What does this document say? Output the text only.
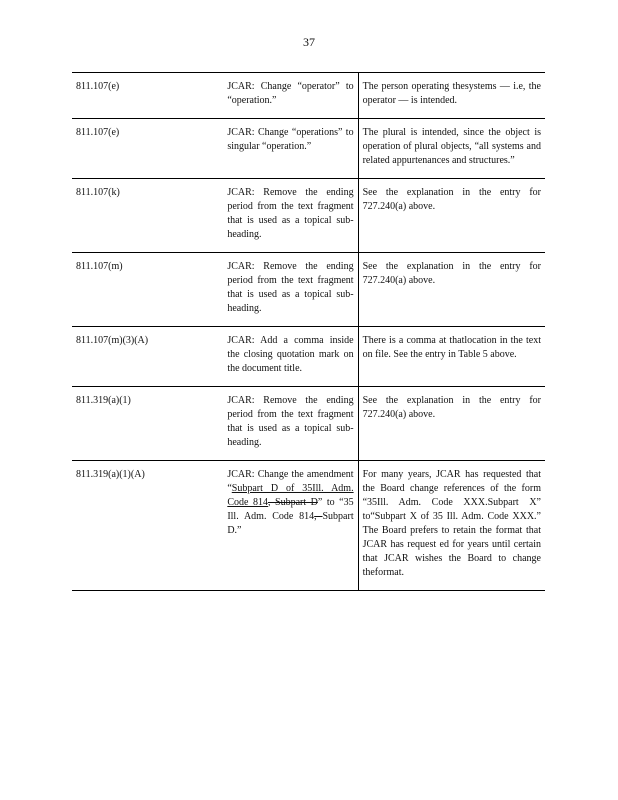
37
811.107(e)	JCAR: Change “operator” to “operation.”	The person operating thesystems — i.e, the operator — is intended.
811.107(e)	JCAR: Change “operations” to singular “operation.”	The plural is intended, since the object is operation of plural objects, “all systems and related appurtenances and structures.”
811.107(k)	JCAR: Remove the ending period from the text fragment that is used as a topical sub-heading.	See the explanation in the entry for 727.240(a) above.
811.107(m)	JCAR: Remove the ending period from the text fragment that is used as a topical sub-heading.	See the explanation in the entry for 727.240(a) above.
811.107(m)(3)(A)	JCAR: Add a comma inside the closing quotation mark on the document title.	There is a comma at thatlocation in the text on file. See the entry in Table 5 above.
811.319(a)(1)	JCAR: Remove the ending period from the text fragment that is used as a topical sub-heading.	See the explanation in the entry for 727.240(a) above.
811.319(a)(1)(A)	JCAR: Change the amendment “Subpart D of 35Ill. Adm. Code 814, Subpart D” to “35 Ill. Adm. Code 814, Subpart D.”	For many years, JCAR has requested that the Board change references of the form “35Ill. Adm. Code XXX.Subpart X” to“Subpart X of 35 Ill. Adm. Code XXX.” The Board prefers to retain the format that JCAR has request ed for years until certain that JCAR wishes the Board to change theformat.
